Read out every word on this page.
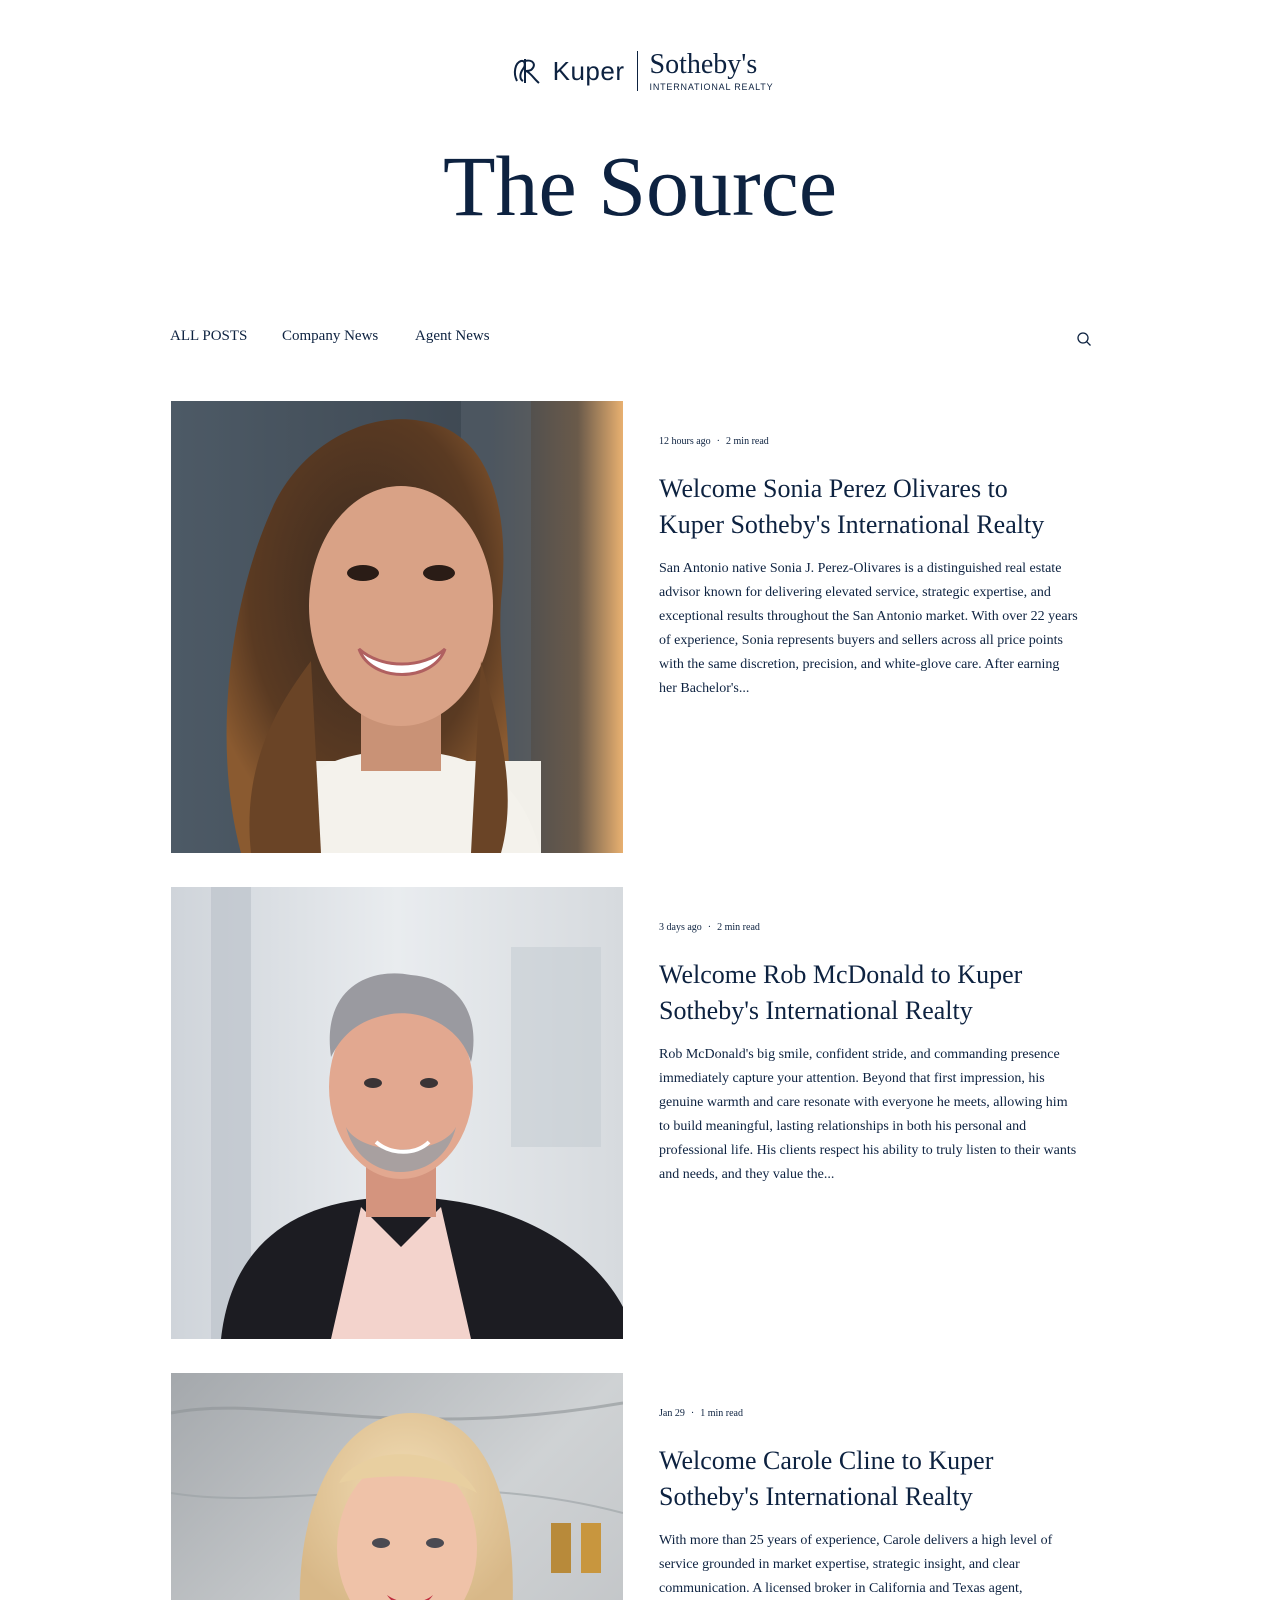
Kuper Sotheby's
INTERNATIONAL REALTY
The Source
ALL POSTS Company News Agent News
12 hours ago · 2 min read
Welcome Sonia Perez Olivares to Kuper Sotheby's International Realty

San Antonio native Sonia J. Perez-Olivares is a distinguished real estate advisor known for delivering elevated service, strategic expertise, and exceptional results throughout the San Antonio market. With over 22 years of experience, Sonia represents buyers and sellers across all price points with the same discretion, precision, and white-glove care. After earning her Bachelor's...

3 days ago · 2 min read
Welcome Rob McDonald to Kuper Sotheby's International Realty

Rob McDonald's big smile, confident stride, and commanding presence immediately capture your attention. Beyond that first impression, his genuine warmth and care resonate with everyone he meets, allowing him to build meaningful, lasting relationships in both his personal and professional life. His clients respect his ability to truly listen to their wants and needs, and they value the...

Jan 29 · 1 min read
Welcome Carole Cline to Kuper Sotheby's International Realty

With more than 25 years of experience, Carole delivers a high level of service grounded in market expertise, strategic insight, and clear communication. A licensed broker in California and Texas agent,
